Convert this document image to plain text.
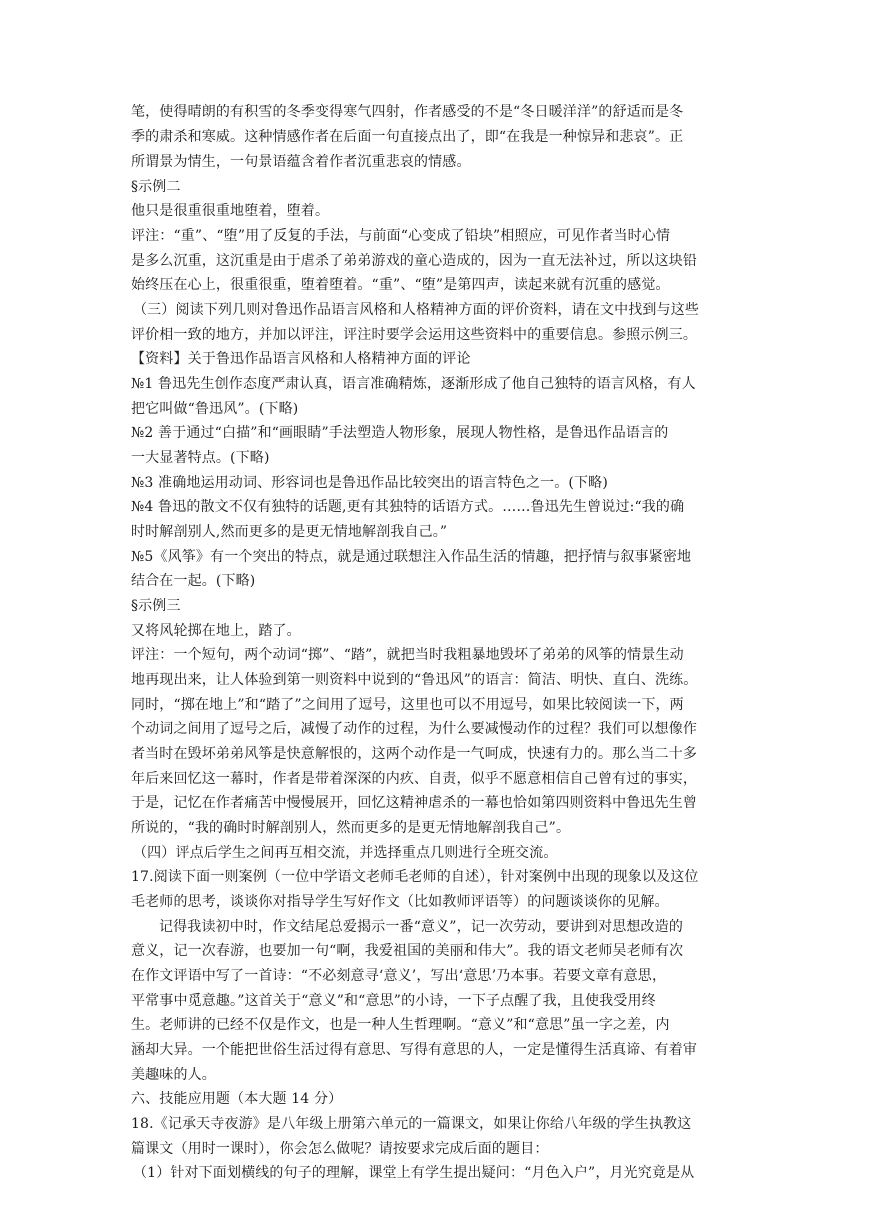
笔，使得晴朗的有积雪的冬季变得寒气四射，作者感受的不是“冬日暖洋洋”的舒适而是冬
季的肃杀和寒威。这种情感作者在后面一句直接点出了，即“在我是一种惊异和悲哀”。正
所谓景为情生，一句景语蕴含着作者沉重悲哀的情感。
§示例二
他只是很重很重地堕着，堕着。
评注：“重”、“堕”用了反复的手法，与前面“心变成了铅块”相照应，可见作者当时心情
是多么沉重，这沉重是由于虐杀了弟弟游戏的童心造成的，因为一直无法补过，所以这块铅
始终压在心上，很重很重，堕着堕着。“重”、“堕”是第四声，读起来就有沉重的感觉。
（三）阅读下列几则对鲁迅作品语言风格和人格精神方面的评价资料，请在文中找到与这些
评价相一致的地方，并加以评注，评注时要学会运用这些资料中的重要信息。参照示例三。
【资料】关于鲁迅作品语言风格和人格精神方面的评论
№1 鲁迅先生创作态度严肃认真，语言准确精炼，逐渐形成了他自己独特的语言风格，有人
把它叫做“鲁迅风”。(下略)
№2 善于通过“白描”和“画眼睛”手法塑造人物形象，展现人物性格，是鲁迅作品语言的
一大显著特点。(下略)
№3 准确地运用动词、形容词也是鲁迅作品比较突出的语言特色之一。(下略)
№4 鲁迅的散文不仅有独特的话题,更有其独特的话语方式。……鲁迅先生曾说过:“我的确
时时解剖别人,然而更多的是更无情地解剖我自己。”
№5《风筝》有一个突出的特点，就是通过联想注入作品生活的情趣，把抒情与叙事紧密地
结合在一起。(下略)
§示例三
又将风轮掷在地上，踏了。
评注：一个短句，两个动词“掷”、“踏”，就把当时我粗暴地毁坏了弟弟的风筝的情景生动
地再现出来，让人体验到第一则资料中说到的“鲁迅风”的语言：简洁、明快、直白、洗练。
同时，“掷在地上”和“踏了”之间用了逗号，这里也可以不用逗号，如果比较阅读一下，两
个动词之间用了逗号之后，减慢了动作的过程，为什么要减慢动作的过程？我们可以想像作
者当时在毁坏弟弟风筝是快意解恨的，这两个动作是一气呵成，快速有力的。那么当二十多
年后来回忆这一幕时，作者是带着深深的内疚、自责，似乎不愿意相信自己曾有过的事实，
于是，记忆在作者痛苦中慢慢展开，回忆这精神虐杀的一幕也恰如第四则资料中鲁迅先生曾
所说的，“我的确时时解剖别人，然而更多的是更无情地解剖我自己”。
（四）评点后学生之间再互相交流，并选择重点几则进行全班交流。
17.阅读下面一则案例（一位中学语文老师毛老师的自述），针对案例中出现的现象以及这位
毛老师的思考，谈谈你对指导学生写好作文（比如教师评语等）的问题谈谈你的见解。
记得我读初中时，作文结尾总爱揭示一番“意义”，记一次劳动，要讲到对思想改造的
意义，记一次春游，也要加一句“啊，我爱祖国的美丽和伟大”。我的语文老师吴老师有次
在作文评语中写了一首诗：“不必刻意寻‘意义’，写出‘意思’乃本事。若要文章有意思，
平常事中觅意趣。”这首关于“意义”和“意思”的小诗，一下子点醒了我，且使我受用终
生。老师讲的已经不仅是作文，也是一种人生哲理啊。“意义”和“意思”虽一字之差，内
涵却大异。一个能把世俗生活过得有意思、写得有意思的人，一定是懂得生活真谛、有着审
美趣味的人。
六、技能应用题（本大题 14 分）
18.《记承天寺夜游》是八年级上册第六单元的一篇课文，如果让你给八年级的学生执教这
篇课文（用时一课时），你会怎么做呢？请按要求完成后面的题目：
（1）针对下面划横线的句子的理解，课堂上有学生提出疑问：“月色入户”，月光究竟是从
